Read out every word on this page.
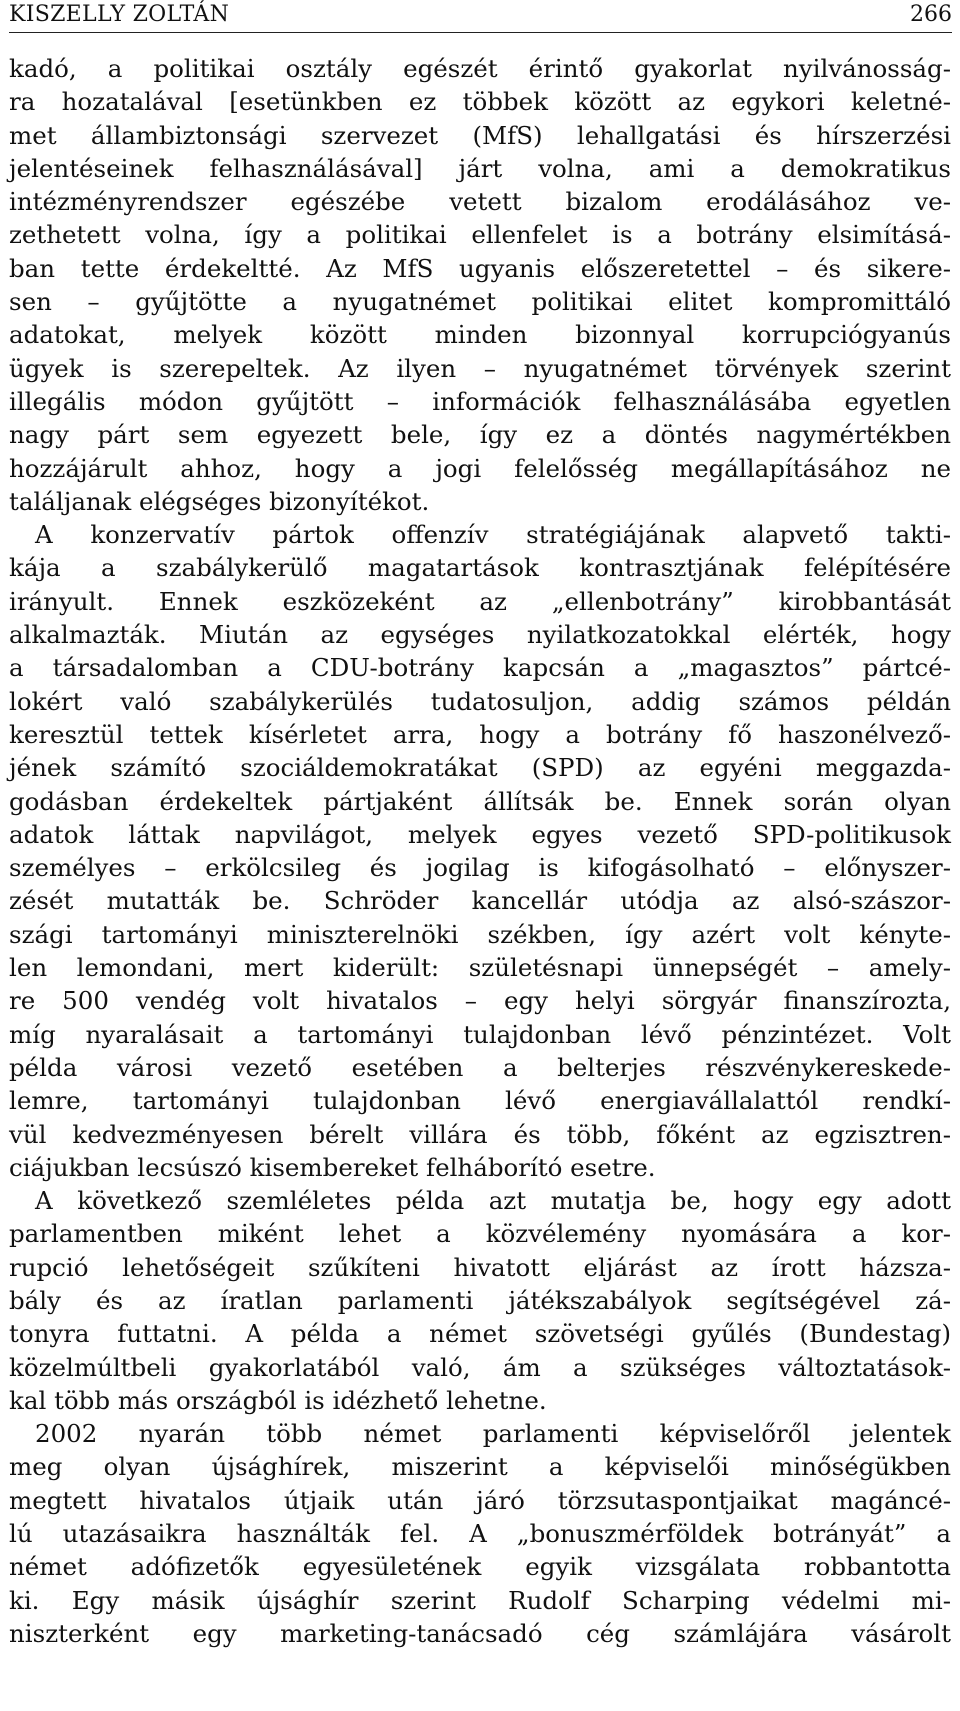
KISZELLY ZOLTÁN	266
kadó, a politikai osztály egészét érintő gyakorlat nyilvánosság-
ra hozatalával [esetünkben ez többek között az egykori keletné-
met állambiztonsági szervezet (MfS) lehallgatási és hírszerzési
jelentéseinek felhasználásával] járt volna, ami a demokratikus
intézményrendszer egészébe vetett bizalom erodálásához ve-
zethetett volna, így a politikai ellenfelet is a botrány elsimításá-
ban tette érdekeltté. Az MfS ugyanis előszeretettel – és sikere-
sen – gyűjtötte a nyugatnémet politikai elitet kompromittáló
adatokat, melyek között minden bizonnyal korrupciógyanús
ügyek is szerepeltek. Az ilyen – nyugatnémet törvények szerint
illegális módon gyűjtött – információk felhasználásába egyetlen
nagy párt sem egyezett bele, így ez a döntés nagymértékben
hozzájárult ahhoz, hogy a jogi felelősség megállapításához ne
találjanak elégséges bizonyítékot.
A konzervatív pártok offenzív stratégiájának alapvető takti-
kája a szabálykerülő magatartások kontrasztjának felépítésére
irányult. Ennek eszközeként az „ellenbotrány” kirobbantását
alkalmazták. Miután az egységes nyilatkozatokkal elérték, hogy
a társadalomban a CDU-botrány kapcsán a „magasztos” pártcé-
lokért való szabálykerülés tudatosuljon, addig számos példán
keresztül tettek kísérletet arra, hogy a botrány fő haszonélvező-
jének számító szociáldemokratákat (SPD) az egyéni meggazda-
godásban érdekeltek pártjaként állítsák be. Ennek során olyan
adatok láttak napvilágot, melyek egyes vezető SPD-politikusok
személyes – erkölcsileg és jogilag is kifogásolható – előnyszer-
zését mutatták be. Schröder kancellár utódja az alsó-szászor-
szági tartományi miniszterelnöki székben, így azért volt kényte-
len lemondani, mert kiderült: születésnapi ünnepségét – amely-
re 500 vendég volt hivatalos – egy helyi sörgyár finanszírozta,
míg nyaralásait a tartományi tulajdonban lévő pénzintézet. Volt
példa városi vezető esetében a belterjes részvénykereskede-
lemre, tartományi tulajdonban lévő energiavállalattól rendkí-
vül kedvezményesen bérelt villára és több, főként az egzisztren-
ciájukban lecsúszó kisembereket felháborító esetre.
A következő szemléletes példa azt mutatja be, hogy egy adott
parlamentben miként lehet a közvélemény nyomására a kor-
rupció lehetőségeit szűkíteni hivatott eljárást az írott házsza-
bály és az íratlan parlamenti játékszabályok segítségével zá-
tonyra futtatni. A példa a német szövetségi gyűlés (Bundestag)
közelmúltbeli gyakorlatából való, ám a szükséges változtatások-
kal több más országból is idézhető lehetne.
2002 nyarán több német parlamenti képviselőről jelentek
meg olyan újsághírek, miszerint a képviselői minőségükben
megtett hivatalos útjaik után járó törzsutaspontjaikat magáncé-
lú utazásaikra használták fel. A „bonuszmérföldek botrányát” a
német adófizetők egyesületének egyik vizsgálata robbantotta
ki. Egy másik újsághír szerint Rudolf Scharping védelmi mi-
niszterként egy marketing-tanácsadó cég számlájára vásárolt
